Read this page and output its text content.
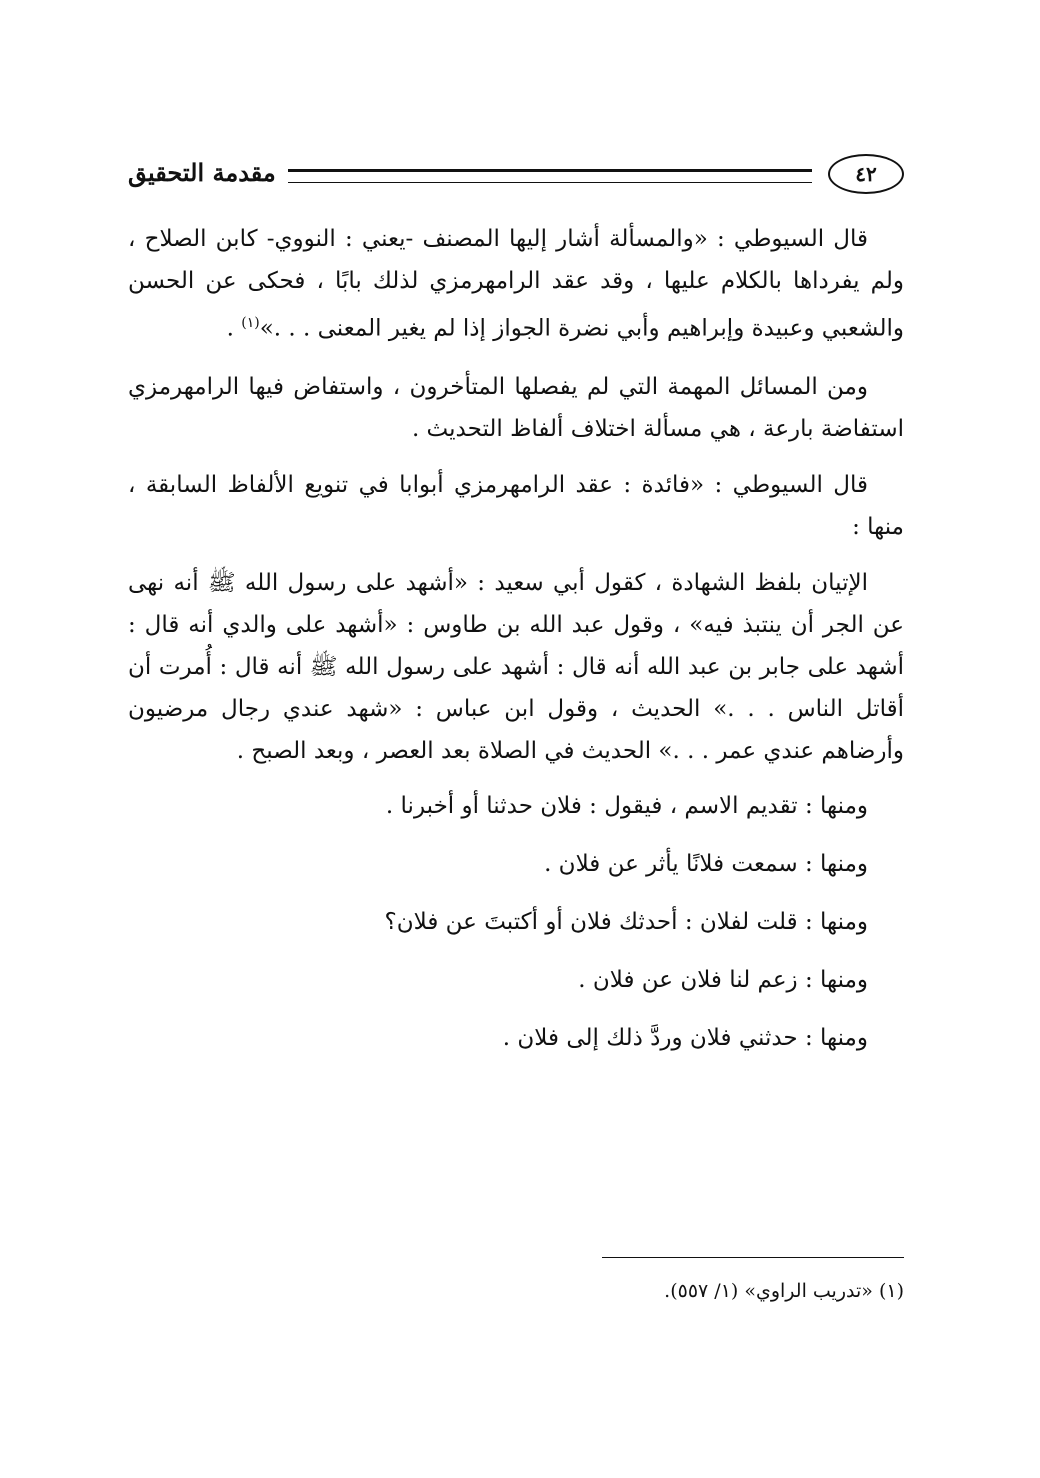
مقدمة التحقيق	٤٢

قال السيوطي : «والمسألة أشار إليها المصنف -يعني : النووي- كابن الصلاح ، ولم يفرداها بالكلام عليها ، وقد عقد الرامهرمزي لذلك بابًا ، فحكى عن الحسن والشعبي وعبيدة وإبراهيم وأبي نضرة الجواز إذا لم يغير المعنى . . .»$^{(١)}$ .

ومن المسائل المهمة التي لم يفصلها المتأخرون ، واستفاض فيها الرامهرمزي استفاضة بارعة ، هي مسألة اختلاف ألفاظ التحديث .

قال السيوطي : «فائدة : عقد الرامهرمزي أبوابا في تنويع الألفاظ السابقة ، منها :

الإتيان بلفظ الشهادة ، كقول أبي سعيد : «أشهد على رسول الله ﷺ أنه نهى عن الجر أن ينتبذ فيه» ، وقول عبد الله بن طاوس : «أشهد على والدي أنه قال : أشهد على جابر بن عبد الله أنه قال : أشهد على رسول الله ﷺ أنه قال : أُمرت أن أقاتل الناس . . .» الحديث ، وقول ابن عباس : «شهد عندي رجال مرضيون وأرضاهم عندي عمر . . .» الحديث في الصلاة بعد العصر ، وبعد الصبح .

ومنها : تقديم الاسم ، فيقول : فلان حدثنا أو أخبرنا .
ومنها : سمعت فلانًا يأثر عن فلان .
ومنها : قلت لفلان : أحدثك فلان أو أكتبتَ عن فلان؟
ومنها : زعم لنا فلان عن فلان .
ومنها : حدثني فلان وردَّ ذلك إلى فلان .
(١) «تدريب الراوي» (١/ ٥٥٧).
